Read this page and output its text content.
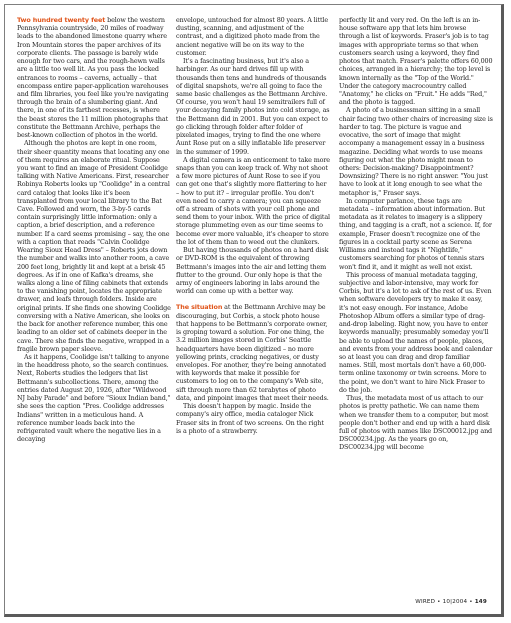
Two hundred twenty feet below the western Pennsylvania countryside, 20 miles of roadway leads to the abandoned limestone quarry where Iron Mountain stores the paper archives of its corporate clients. The passage is barely wide enough for two cars, and the rough-hewn walls are a little too well lit. As you pass the locked entrances to rooms – caverns, actually – that encompass entire paper-application warehouses and film libraries, you feel like you're navigating through the brain of a slumbering giant. And there, in one of its farthest recesses, is where the beast stores the 11 million photographs that constitute the Bettmann Archive, perhaps the best-known collection of photos in the world.

Although the photos are kept in one room, their sheer quantity means that locating any one of them requires an elaborate ritual. Suppose you want to find an image of President Coolidge talking with Native Americans. First, researcher Robinya Roberts looks up "Coolidge" in a central card catalog that looks like it's been transplanted from your local library to the Bat Cave. Followed and worn, the 3-by-5 cards contain surprisingly little information: only a caption, a brief description, and a reference number. If a card seems promising – say, the one with a caption that reads "Calvin Coolidge Wearing Sioux Head Dress" – Roberts jots down the number and walks into another room, a cave 200 feet long, brightly lit and kept at a brisk 45 degrees. As if in one of Kafka's dreams, she walks along a line of filing cabinets that extends to the vanishing point, locates the appropriate drawer, and leafs through folders. Inside are original prints. If she finds one showing Coolidge conversing with a Native American, she looks on the back for another reference number, this one leading to an older set of cabinets deeper in the cave. There she finds the negative, wrapped in a fragile brown paper sleeve.

As it happens, Coolidge isn't talking to anyone in the headdress photo, so the search continues. Next, Roberts studies the ledgers that list Bettmann's subcollections. There, among the entries dated August 20, 1926, after "Wildwood NJ baby Parade" and before "Sioux Indian band," she sees the caption "Pres. Coolidge addresses Indians" written in a meticulous hand. A reference number leads back into the refrigerated vault where the negative lies in a decaying

envelope, untouched for almost 80 years. A little dusting, scanning, and adjustment of the contrast, and a digitized photo made from the ancient negative will be on its way to the customer.

It's a fascinating business, but it's also a harbinger. As our hard drives fill up with thousands then tens and hundreds of thousands of digital snapshots, we're all going to face the same basic challenges as the Bettmann Archive. Of course, you won't haul 19 semitrailers full of your decaying family photos into cold storage, as the Bettmann did in 2001. But you can expect to go clicking through folder after folder of pixelated images, trying to find the one where Aunt Rose put on a silly inflatable life preserver in the summer of 1999.

A digital camera is an enticement to take more snaps than you can keep track of. Why not shoot a few more pictures of Aunt Rose to see if you can get one that's slightly more flattering to her – how to put it? – irregular profile. You don't even need to carry a camera; you can squeeze off a stream of shots with your cell phone and send them to your inbox. With the price of digital storage plummeting even as our time seems to become ever more valuable, it's cheaper to store the lot of them than to weed out the clunkers.

But having thousands of photos on a hard disk or DVD-ROM is the equivalent of throwing Bettmann's images into the air and letting them flutter to the ground. Our only hope is that the army of engineers laboring in labs around the world can come up with a better way.

The situation at the Bettmann Archive may be discouraging, but Corbis, a stock photo house that happens to be Bettmann's corporate owner, is groping toward a solution. For one thing, the 3.2 million images stored in Corbis' Seattle headquarters have been digitized – no more yellowing prints, cracking negatives, or dusty envelopes. For another, they're being annotated with keywords that make it possible for customers to log on to the company's Web site, sift through more than 62 terabytes of photo data, and pinpoint images that meet their needs.

This doesn't happen by magic. Inside the company's airy office, media cataloger Nick Fraser sits in front of two screens. On the right is a photo of a strawberry.

perfectly lit and very red. On the left is an in-house software app that lets him browse through a list of keywords. Fraser's job is to tag images with appropriate terms so that when customers search using a keyword, they find photos that match. Fraser's palette offers 60,000 choices, arranged in a hierarchy; the top level is known internally as the "Top of the World." Under the category macrocountry called "Anatomy," he clicks on "Fruit." He adds "Red," and the photo is tagged.

A photo of a businessman sitting in a small chair facing two other chairs of increasing size is harder to tag. The picture is vague and evocative, the sort of image that might accompany a management essay in a business magazine. Deciding what words to use means figuring out what the photo might mean to others: Decision-making? Disappointment? Downsizing? There is no right answer. "You just have to look at it long enough to see what the metaphor is," Fraser says.

In computer parlance, these tags are metadata – information about information. But metadata as it relates to imagery is a slippery thing, and tagging is a craft, not a science. If, for example, Fraser doesn't recognize one of the figures in a cocktail party scene as Serena Williams and instead tags it "Nightlife," customers searching for photos of tennis stars won't find it, and it might as well not exist.

This process of manual metadata tagging, subjective and labor-intensive, may work for Corbis, but it's a lot to ask of the rest of us. Even when software developers try to make it easy, it's not easy enough. For instance, Adobe Photoshop Album offers a similar type of drag-and-drop labeling. Right now, you have to enter keywords manually; presumably someday you'll be able to upload the names of people, places, and events from your address book and calendar so at least you can drag and drop familiar names. Still, most mortals don't have a 60,000-term online taxonomy or twin screens. More to the point, we don't want to hire Nick Fraser to do the job.

Thus, the metadata most of us attach to our photos is pretty pathetic. We can name them when we transfer them to a computer, but most people don't bother and end up with a hard disk full of photos with names like DSC00012.jpg and DSC00234.jpg. As the years go on, DSC00234.jpg will become

WIRED • 10|2004 • 149
